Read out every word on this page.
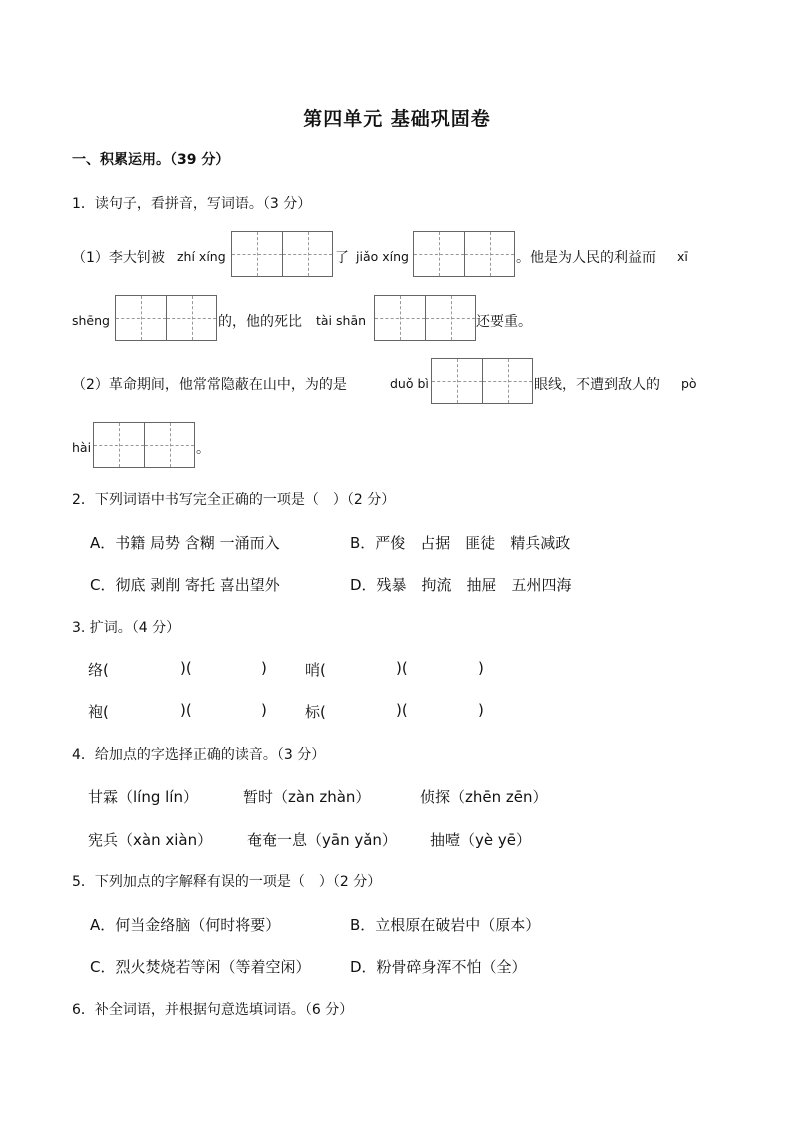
第四单元 基础巩固卷
一、积累运用。（39 分）
1．读句子，看拼音，写词语。（3 分）
（1）李大钊被 zhí xíng	了 jiǎo xíng	。他是为人民的利益而 xī
shēng	的，他的死比 tài shān	还要重。
（2）革命期间，他常常隐蔽在山中，为的是	duǒ bì	眼线，不遭到敌人的 pò
hài	。
2．下列词语中书写完全正确的一项是（　）（2 分）
A．书籍 局势 含糊 一涌而入	B．严俊　占据　匪徒　精兵减政
C．彻底 剥削 寄托 喜出望外	D．残暴　拘流　抽屉　五州四海
3. 扩词。（4 分）
络(	)(	)	哨(	)(	)
袍(	)(	)	标(	)(	)
4．给加点的字选择正确的读音。（3 分）
甘霖（líng lín）	暂时（zàn zhàn）	侦探（zhēn zēn）
宪兵（xàn xiàn） 奄奄一息（yān yǎn） 抽噎（yè yē）
5．下列加点的字解释有误的一项是（　）（2 分）
A．何当金络脑（何时将要）	B．立根原在破岩中（原本）
C．烈火焚烧若等闲（等着空闲）	D．粉骨碎身浑不怕（全）
6．补全词语，并根据句意选填词语。（6 分）
